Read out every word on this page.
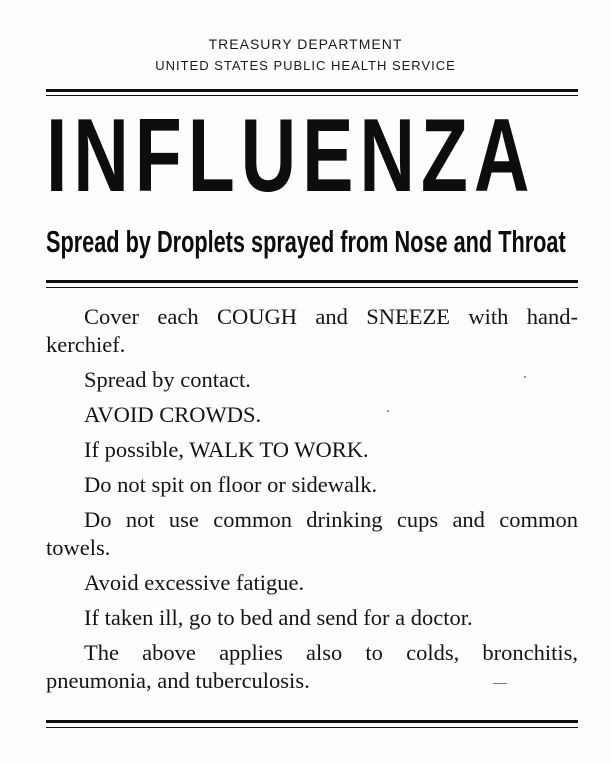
TREASURY DEPARTMENT
UNITED STATES PUBLIC HEALTH SERVICE
INFLUENZA
Spread by Droplets sprayed from Nose and Throat
Cover each COUGH and SNEEZE with hand-kerchief.
Spread by contact.
AVOID CROWDS.
If possible, WALK TO WORK.
Do not spit on floor or sidewalk.
Do not use common drinking cups and common towels.
Avoid excessive fatigue.
If taken ill, go to bed and send for a doctor.
The above applies also to colds, bronchitis, pneumonia, and tuberculosis.
